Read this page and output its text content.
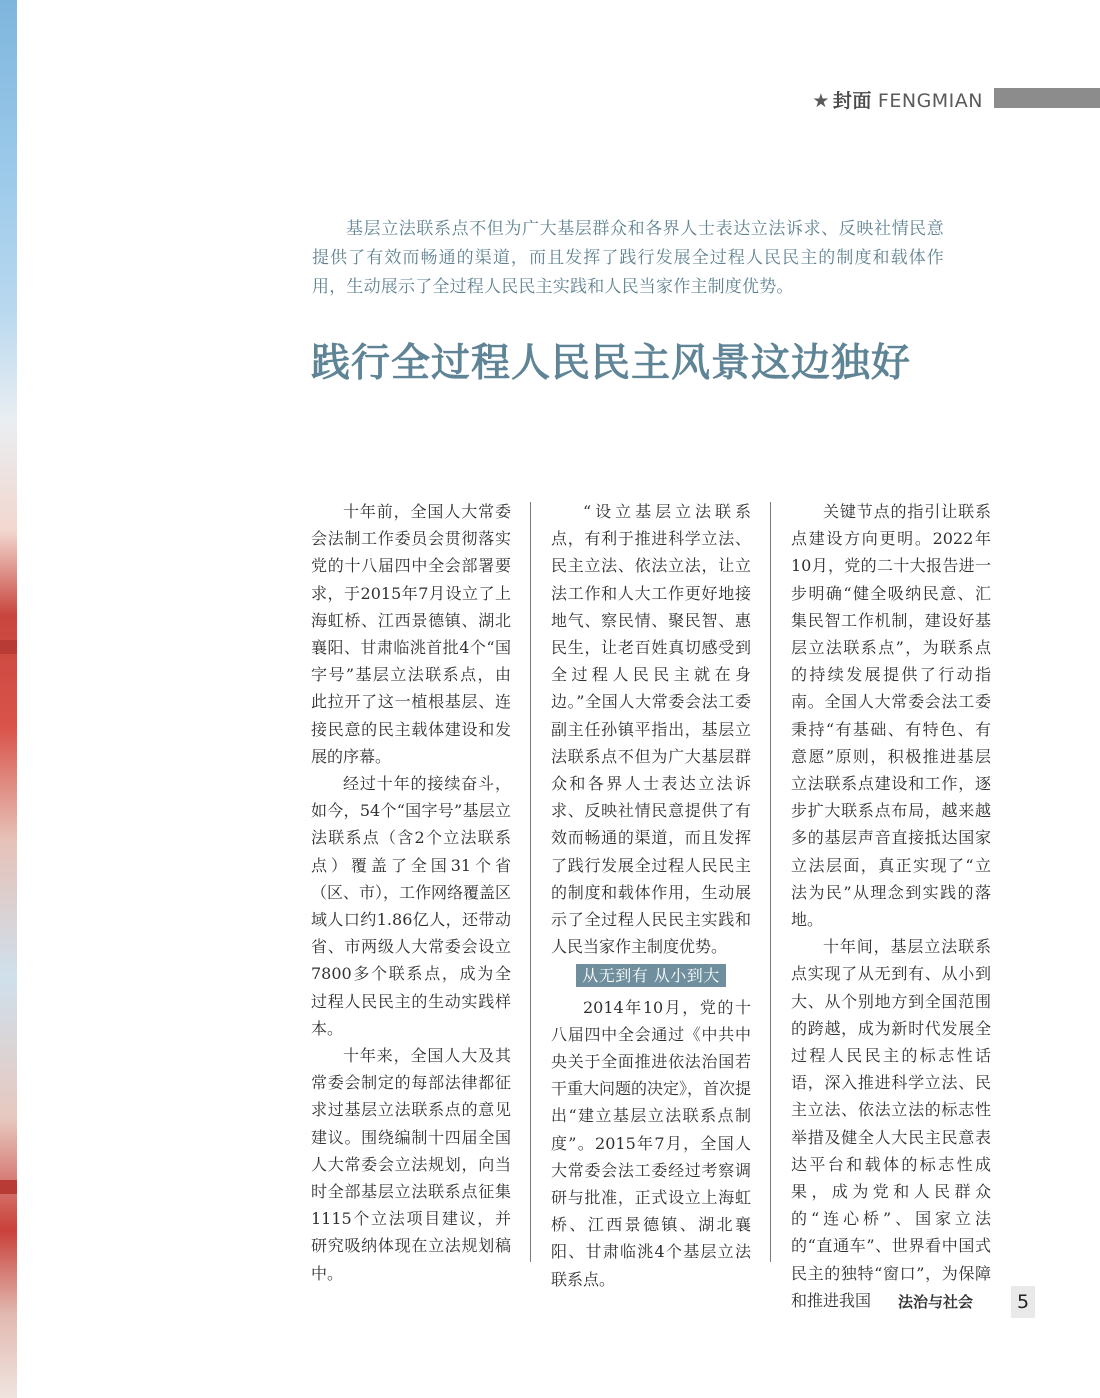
★ 封面 FENGMIAN
基层立法联系点不但为广大基层群众和各界人士表达立法诉求、反映社情民意提供了有效而畅通的渠道，而且发挥了践行发展全过程人民民主的制度和载体作用，生动展示了全过程人民民主实践和人民当家作主制度优势。
践行全过程人民民主风景这边独好

十年前，全国人大常委会法制工作委员会贯彻落实党的十八届四中全会部署要求，于2015年7月设立了上海虹桥、江西景德镇、湖北襄阳、甘肃临洮首批4个“国字号”基层立法联系点，由此拉开了这一植根基层、连接民意的民主载体建设和发展的序幕。

经过十年的接续奋斗，如今，54个“国字号”基层立法联系点（含2个立法联系点）覆盖了全国31个省（区、市），工作网络覆盖区域人口约1.86亿人，还带动省、市两级人大常委会设立7800多个联系点，成为全过程人民民主的生动实践样本。

十年来，全国人大及其常委会制定的每部法律都征求过基层立法联系点的意见建议。围绕编制十四届全国人大常委会立法规划，向当时全部基层立法联系点征集1115个立法项目建议，并研究吸纳体现在立法规划稿中。

“设立基层立法联系点，有利于推进科学立法、民主立法、依法立法，让立法工作和人大工作更好地接地气、察民情、聚民智、惠民生，让老百姓真切感受到全过程人民民主就在身边。”全国人大常委会法工委副主任孙镇平指出，基层立法联系点不但为广大基层群众和各界人士表达立法诉求、反映社情民意提供了有效而畅通的渠道，而且发挥了践行发展全过程人民民主的制度和载体作用，生动展示了全过程人民民主实践和人民当家作主制度优势。

从无到有 从小到大

2014年10月，党的十八届四中全会通过《中共中央关于全面推进依法治国若干重大问题的决定》，首次提出“建立基层立法联系点制度”。2015年7月，全国人大常委会法工委经过考察调研与批准，正式设立上海虹桥、江西景德镇、湖北襄阳、甘肃临洮4个基层立法联系点。

关键节点的指引让联系点建设方向更明。2022年10月，党的二十大报告进一步明确“健全吸纳民意、汇集民智工作机制，建设好基层立法联系点”，为联系点的持续发展提供了行动指南。全国人大常委会法工委秉持“有基础、有特色、有意愿”原则，积极推进基层立法联系点建设和工作，逐步扩大联系点布局，越来越多的基层声音直接抵达国家立法层面，真正实现了“立法为民”从理念到实践的落地。

十年间，基层立法联系点实现了从无到有、从小到大、从个别地方到全国范围的跨越，成为新时代发展全过程人民民主的标志性话语，深入推进科学立法、民主立法、依法立法的标志性举措及健全人大民主民意表达平台和载体的标志性成果，成为党和人民群众的“连心桥”、国家立法的“直通车”、世界看中国式民主的独特“窗口”，为保障和推进我国	法治与社会	5
